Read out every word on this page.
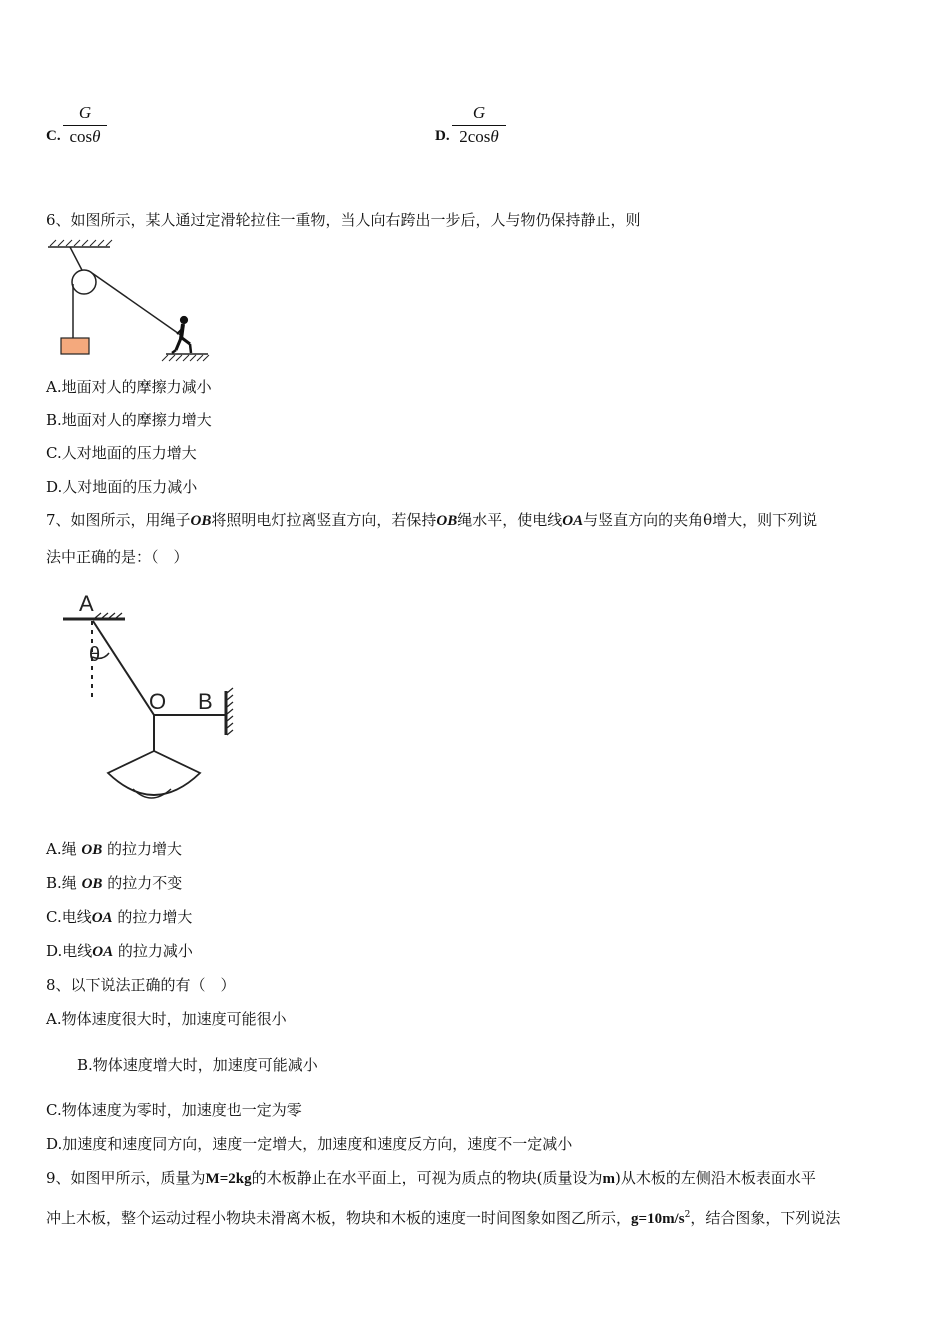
C.
G
cosθ	D.
G
2cosθ
6、如图所示，某人通过定滑轮拉住一重物，当人向右跨出一步后，人与物仍保持静止，则
A.地面对人的摩擦力减小
B.地面对人的摩擦力增大
C.人对地面的压力增大
D.人对地面的压力减小
7、如图所示，用绳子OB将照明电灯拉离竖直方向，若保持OB绳水平，使电线OA与竖直方向的夹角θ增大，则下列说
法中正确的是：（　）
A
θ
O B
A.绳 OB 的拉力增大
B.绳 OB 的拉力不变
C.电线OA 的拉力增大
D.电线OA 的拉力减小
8、以下说法正确的有（　）
A.物体速度很大时，加速度可能很小
B.物体速度增大时，加速度可能减小
C.物体速度为零时，加速度也一定为零
D.加速度和速度同方向，速度一定增大，加速度和速度反方向，速度不一定减小
9、如图甲所示，质量为M=2kg的木板静止在水平面上，可视为质点的物块(质量设为m)从木板的左侧沿木板表面水平
冲上木板，整个运动过程小物块未滑离木板，物块和木板的速度一时间图象如图乙所示，$g=10m/s^2$，结合图象，下列说法
